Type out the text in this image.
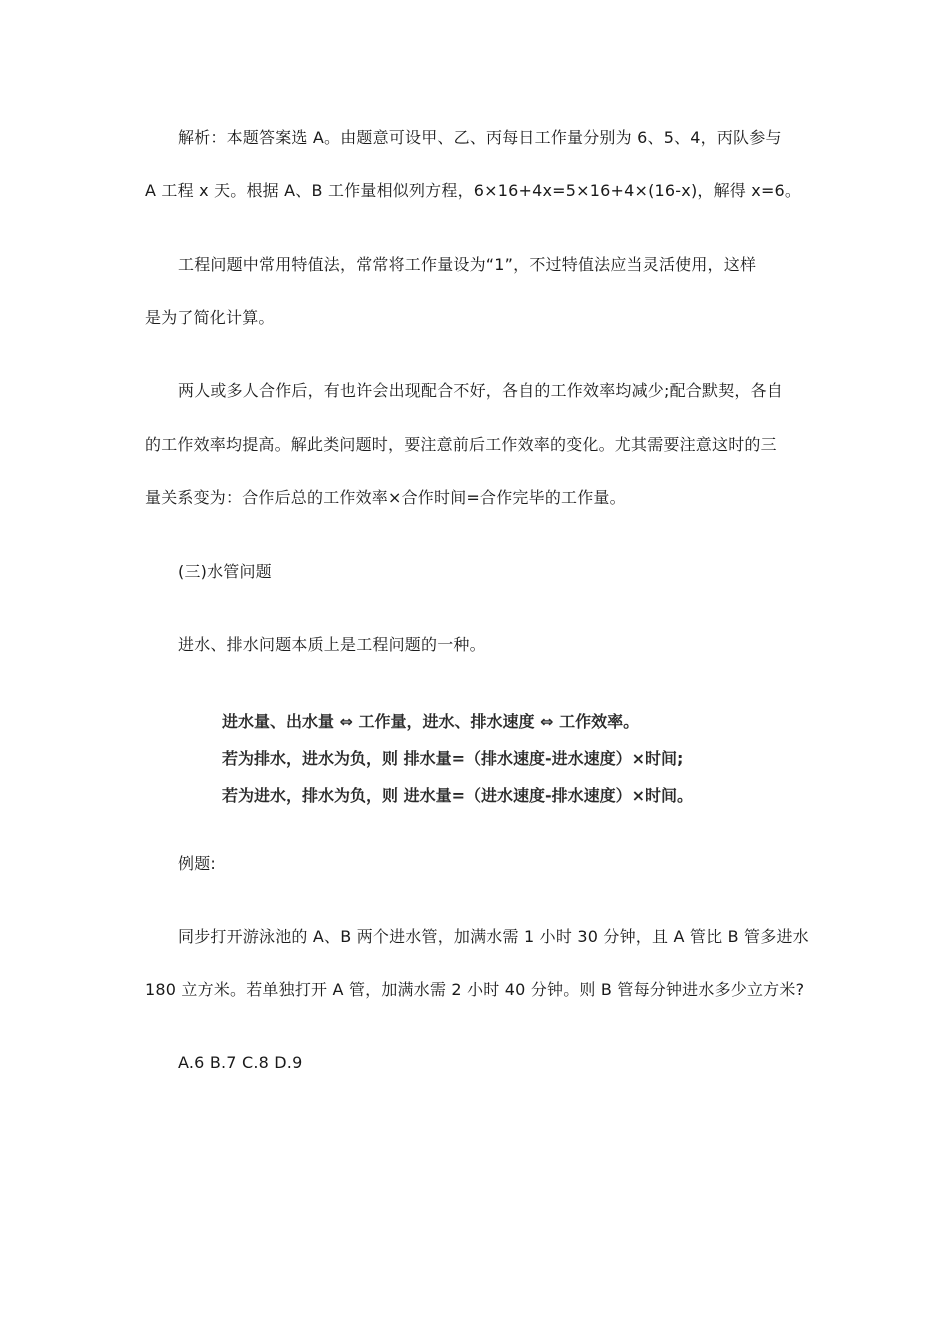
解析：本题答案选 A。由题意可设甲、乙、丙每日工作量分别为 6、5、4，丙队参与
A 工程 x 天。根据 A、B 工作量相似列方程，6×16+4x=5×16+4×(16-x)，解得 x=6。
工程问题中常用特值法，常常将工作量设为“1”，不过特值法应当灵活使用，这样
是为了简化计算。
两人或多人合作后，有也许会出现配合不好，各自的工作效率均减少;配合默契，各自
的工作效率均提高。解此类问题时，要注意前后工作效率的变化。尤其需要注意这时的三
量关系变为：合作后总的工作效率×合作时间=合作完毕的工作量。
(三)水管问题
进水、排水问题本质上是工程问题的一种。
进水量、出水量 ⇔ 工作量，进水、排水速度 ⇔ 工作效率。
若为排水，进水为负，则 排水量=（排水速度-进水速度）×时间;
若为进水，排水为负，则 进水量=（进水速度-排水速度）×时间。
例题:
同步打开游泳池的 A、B 两个进水管，加满水需 1 小时 30 分钟，且 A 管比 B 管多进水
180 立方米。若单独打开 A 管，加满水需 2 小时 40 分钟。则 B 管每分钟进水多少立方米?
A.6 B.7 C.8 D.9
